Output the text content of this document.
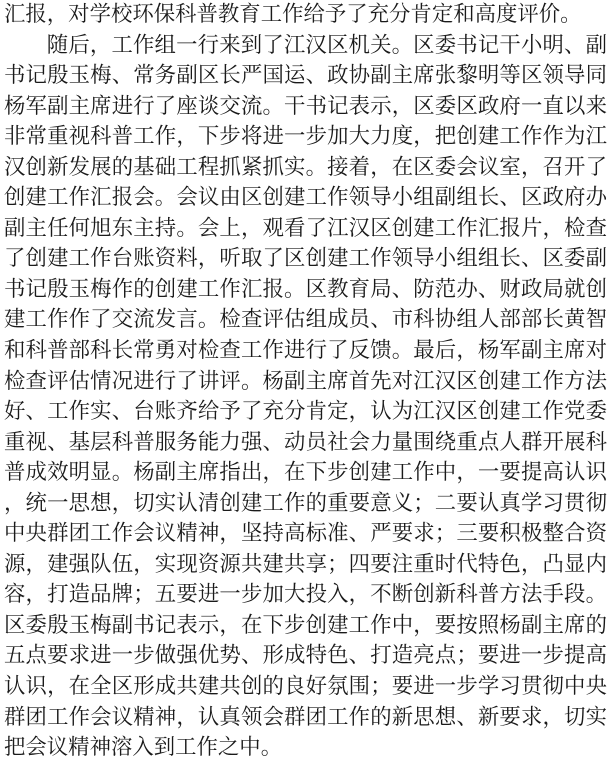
汇报，对学校环保科普教育工作给予了充分肯定和高度评价。

随后，工作组一行来到了江汉区机关。区委书记干小明、副书记殷玉梅、常务副区长严国运、政协副主席张黎明等区领导同杨军副主席进行了座谈交流。干书记表示，区委区政府一直以来非常重视科普工作，下步将进一步加大力度，把创建工作作为江汉创新发展的基础工程抓紧抓实。接着，在区委会议室，召开了创建工作汇报会。会议由区创建工作领导小组副组长、区政府办副主任何旭东主持。会上，观看了江汉区创建工作汇报片，检查了创建工作台账资料，听取了区创建工作领导小组组长、区委副书记殷玉梅作的创建工作汇报。区教育局、防范办、财政局就创建工作作了交流发言。检查评估组成员、市科协组人部部长黄智和科普部科长常勇对检查工作进行了反馈。最后，杨军副主席对检查评估情况进行了讲评。杨副主席首先对江汉区创建工作方法好、工作实、台账齐给予了充分肯定，认为江汉区创建工作党委重视、基层科普服务能力强、动员社会力量围绕重点人群开展科普成效明显。杨副主席指出，在下步创建工作中，一要提高认识，统一思想，切实认清创建工作的重要意义；二要认真学习贯彻中央群团工作会议精神，坚持高标准、严要求；三要积极整合资源，建强队伍，实现资源共建共享；四要注重时代特色，凸显内容，打造品牌；五要进一步加大投入，不断创新科普方法手段。区委殷玉梅副书记表示，在下步创建工作中，要按照杨副主席的五点要求进一步做强优势、形成特色、打造亮点；要进一步提高认识，在全区形成共建共创的良好氛围；要进一步学习贯彻中央群团工作会议精神，认真领会群团工作的新思想、新要求，切实把会议精神溶入到工作之中。
